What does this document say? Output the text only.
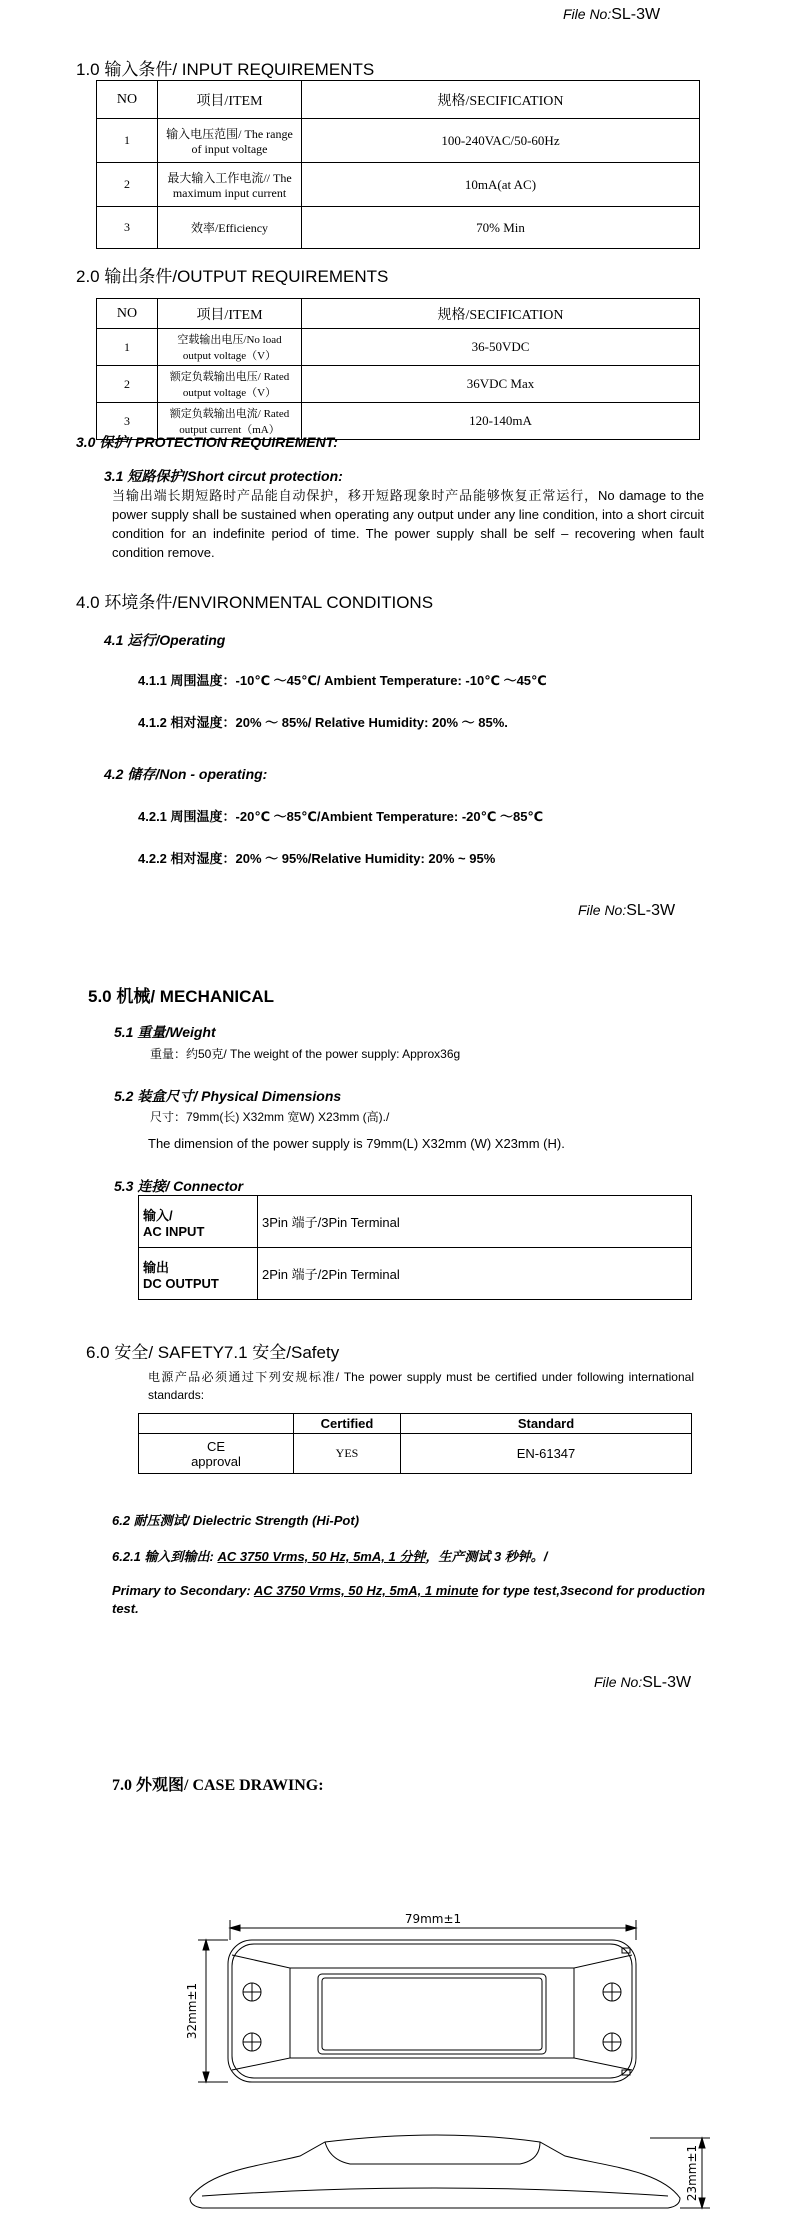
File No:SL-3W
1.0 输入条件/ INPUT REQUIREMENTS
NO	项目/ITEM	规格/SECIFICATION
1	输入电压范围/ The range of input voltage	100-240VAC/50-60Hz
2	最大输入工作电流// The maximum input current	10mA(at AC)
3	效率/Efficiency	70% Min
2.0 输出条件/OUTPUT REQUIREMENTS
NO	项目/ITEM	规格/SECIFICATION
1	空载输出电压/No load output voltage（V）	36-50VDC
2	额定负载输出电压/ Rated output voltage（V）	36VDC Max
3	额定负载输出电流/ Rated output current（mA）	120-140mA
3.0 保护/ PROTECTION REQUIREMENT:
3.1 短路保护/Short circut protection:
当输出端长期短路时产品能自动保护，移开短路现象时产品能够恢复正常运行，No damage to the power supply shall be sustained when operating any output under any line condition, into a short circuit condition for an indefinite period of time. The power supply shall be self – recovering when fault condition remove.
4.0 环境条件/ENVIRONMENTAL CONDITIONS
4.1 运行/Operating
4.1.1 周围温度：-10℃ ～45℃/ Ambient Temperature: -10℃ ～45℃
4.1.2 相对湿度：20% ～ 85%/ Relative Humidity: 20% ～ 85%.
4.2 储存/Non - operating:
4.2.1 周围温度：-20℃ ～85℃/Ambient Temperature: -20℃ ～85℃
4.2.2 相对湿度：20% ～ 95%/Relative Humidity: 20% ~ 95%
File No:SL-3W
5.0 机械/ MECHANICAL
5.1 重量/Weight
重量：约50克/ The weight of the power supply: Approx36g
5.2 装盒尺寸/ Physical Dimensions
尺寸：79mm(长) X32mm 宽W) X23mm (高)./
The dimension of the power supply is 79mm(L) X32mm (W) X23mm (H).
5.3 连接/ Connector
输入/
AC INPUT	3Pin 端子/3Pin Terminal

输出
DC OUTPUT	2Pin 端子/2Pin Terminal
6.0 安全/ SAFETY7.1 安全/Safety
电源产品必须通过下列安规标准/ The power supply must be certified under following international standards:
	Certified	Standard

CE
approval	YES	EN-61347
6.2 耐压测试/ Dielectric Strength (Hi-Pot)
6.2.1 输入到输出: AC 3750 Vrms, 50 Hz, 5mA, 1 分钟，生产测试 3 秒钟。/
Primary to Secondary: AC 3750 Vrms, 50 Hz, 5mA, 1 minute for type test,3second for production test.
File No:SL-3W
7.0 外观图/ CASE DRAWING:
79mm±1
32mm±1
23mm±1
